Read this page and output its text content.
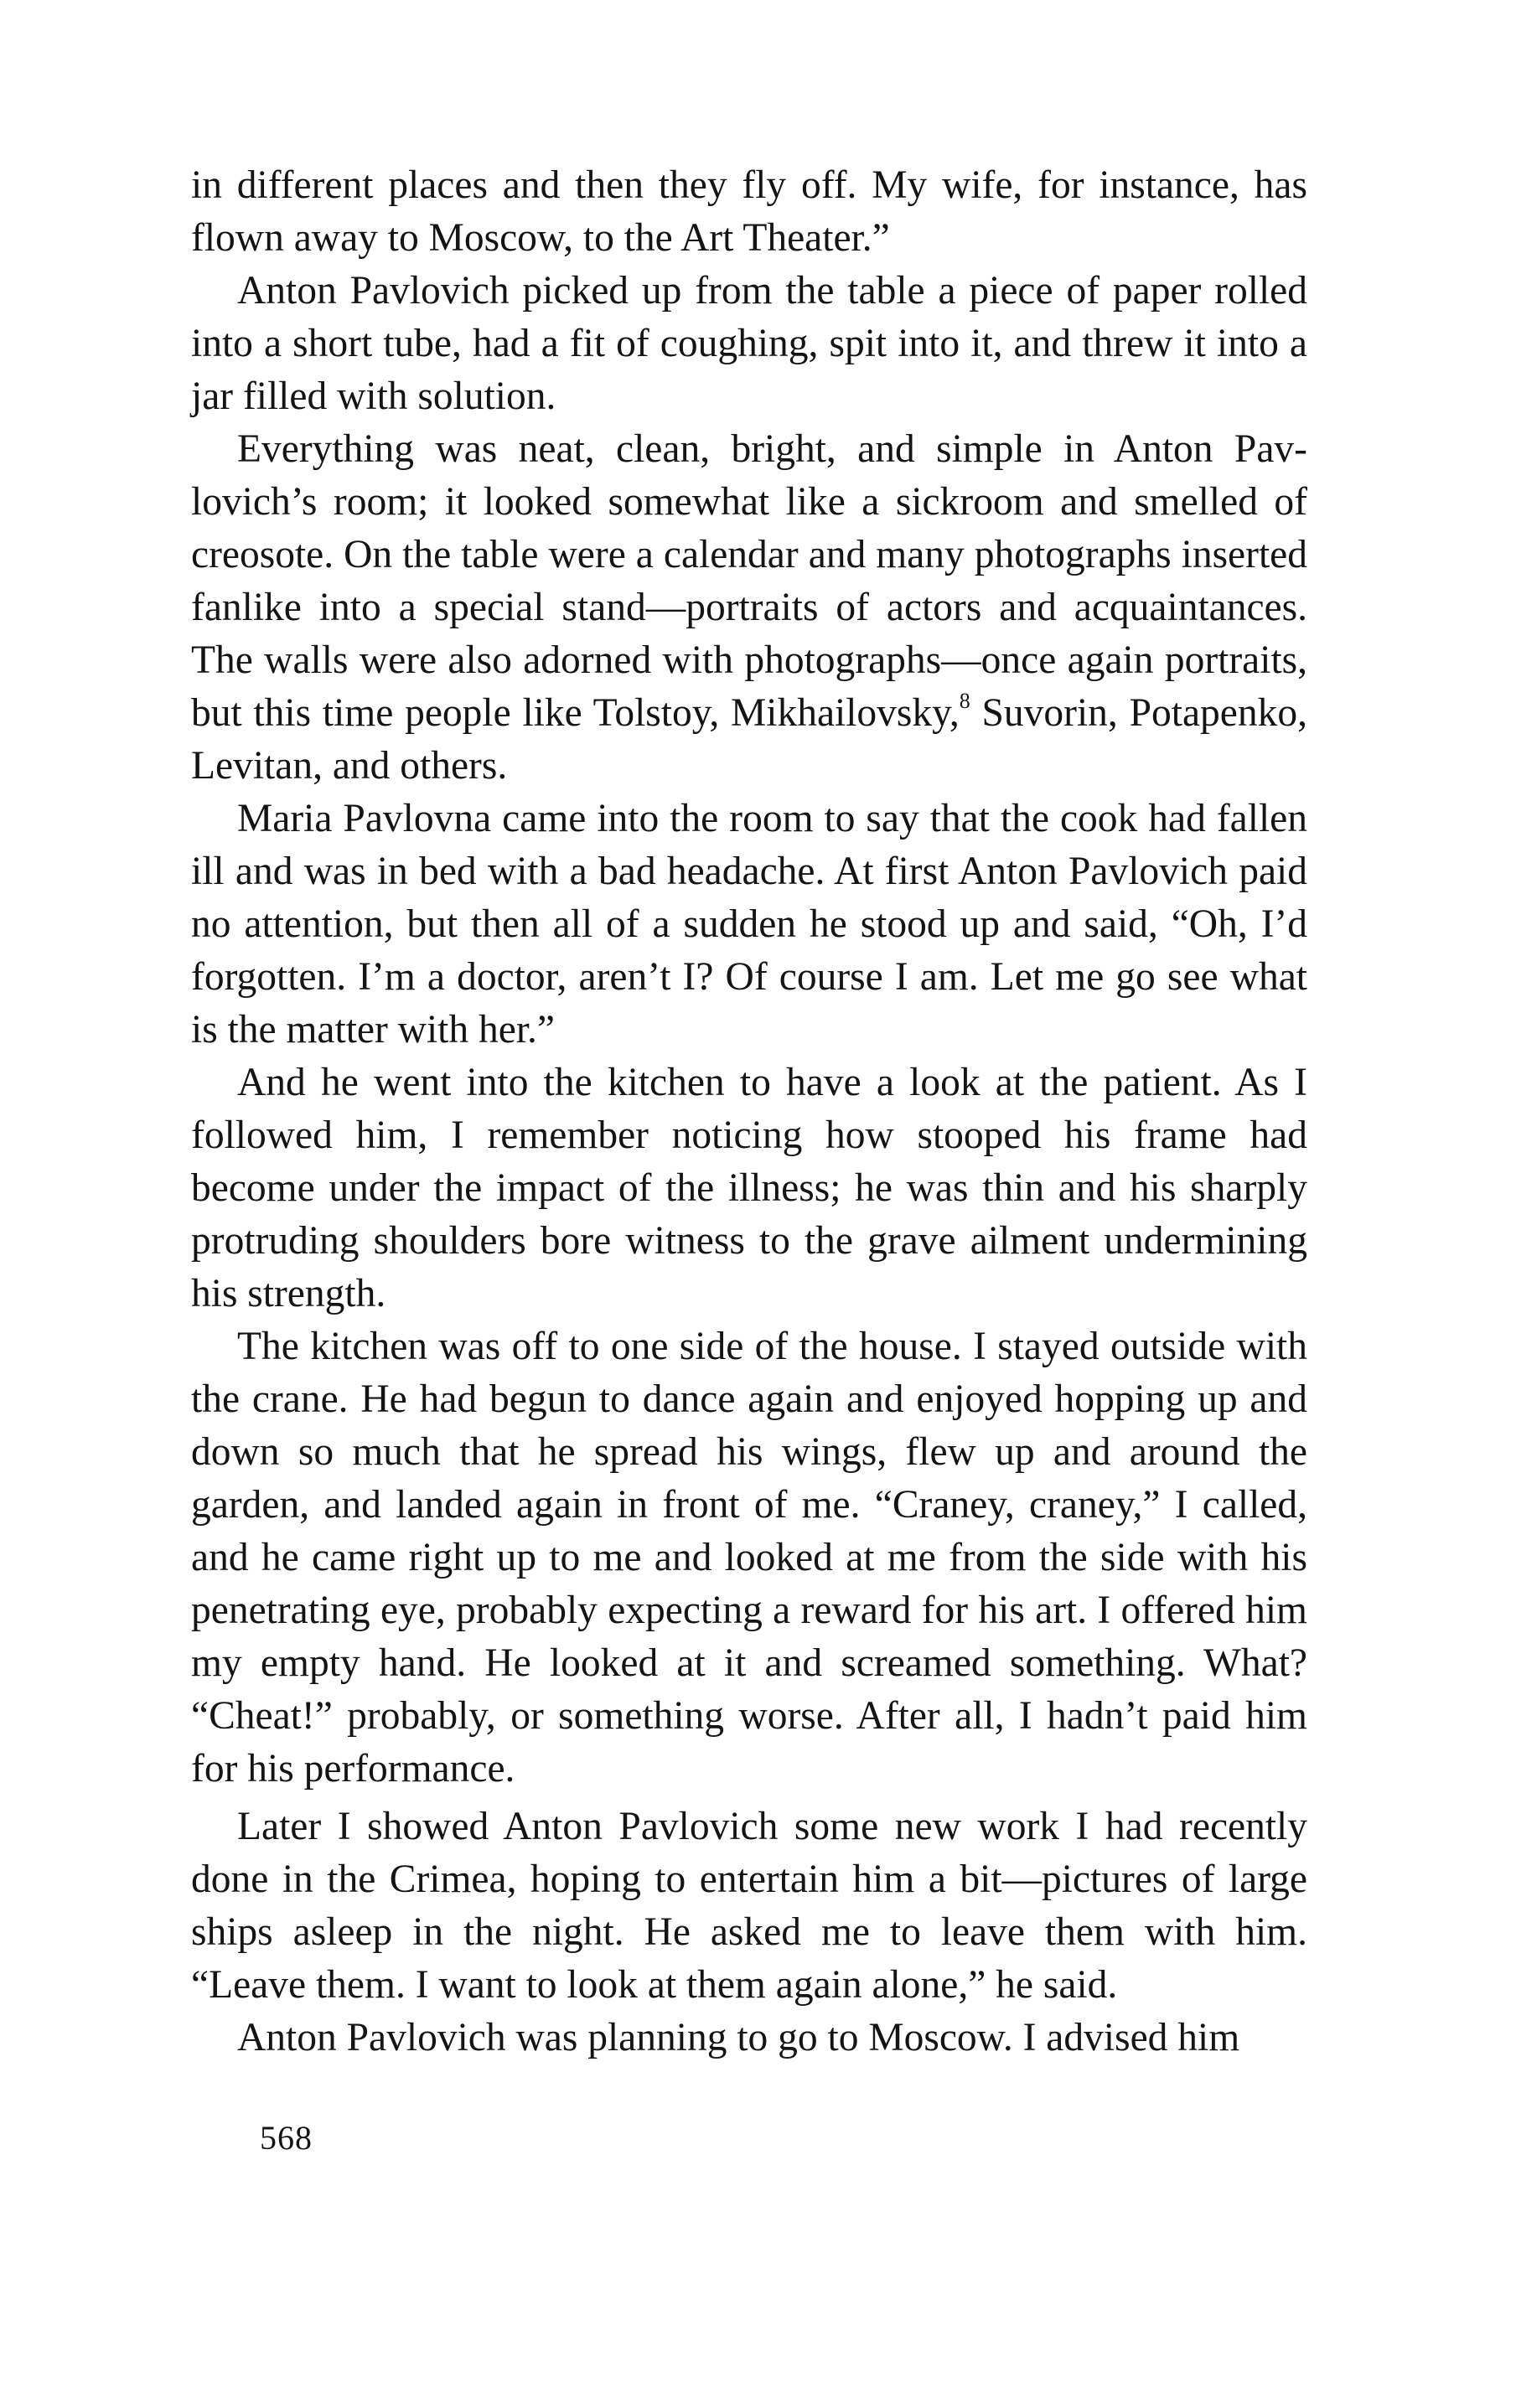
in different places and then they fly off. My wife, for instance, has flown away to Moscow, to the Art Theater.”

Anton Pavlovich picked up from the table a piece of paper rolled into a short tube, had a fit of coughing, spit into it, and threw it into a jar filled with solution.

Everything was neat, clean, bright, and simple in Anton Pavlovich’s room; it looked somewhat like a sickroom and smelled of creosote. On the table were a calendar and many photographs inserted fanlike into a special stand—portraits of actors and acquaintances. The walls were also adorned with photographs—once again portraits, but this time people like Tolstoy, Mikhailovsky,$^8$ Suvorin, Potapenko, Levitan, and others.

Maria Pavlovna came into the room to say that the cook had fallen ill and was in bed with a bad headache. At first Anton Pavlovich paid no attention, but then all of a sudden he stood up and said, “Oh, I’d forgotten. I’m a doctor, aren’t I? Of course I am. Let me go see what is the matter with her.”

And he went into the kitchen to have a look at the patient. As I followed him, I remember noticing how stooped his frame had become under the impact of the illness; he was thin and his sharply protruding shoulders bore witness to the grave ailment undermining his strength.

The kitchen was off to one side of the house. I stayed outside with the crane. He had begun to dance again and enjoyed hopping up and down so much that he spread his wings, flew up and around the garden, and landed again in front of me. “Craney, craney,” I called, and he came right up to me and looked at me from the side with his penetrating eye, probably expecting a reward for his art. I offered him my empty hand. He looked at it and screamed something. What? “Cheat!” probably, or something worse. After all, I hadn’t paid him for his performance.

Later I showed Anton Pavlovich some new work I had recently done in the Crimea, hoping to entertain him a bit—pictures of large ships asleep in the night. He asked me to leave them with him. “Leave them. I want to look at them again alone,” he said.

Anton Pavlovich was planning to go to Moscow. I advised him

568
